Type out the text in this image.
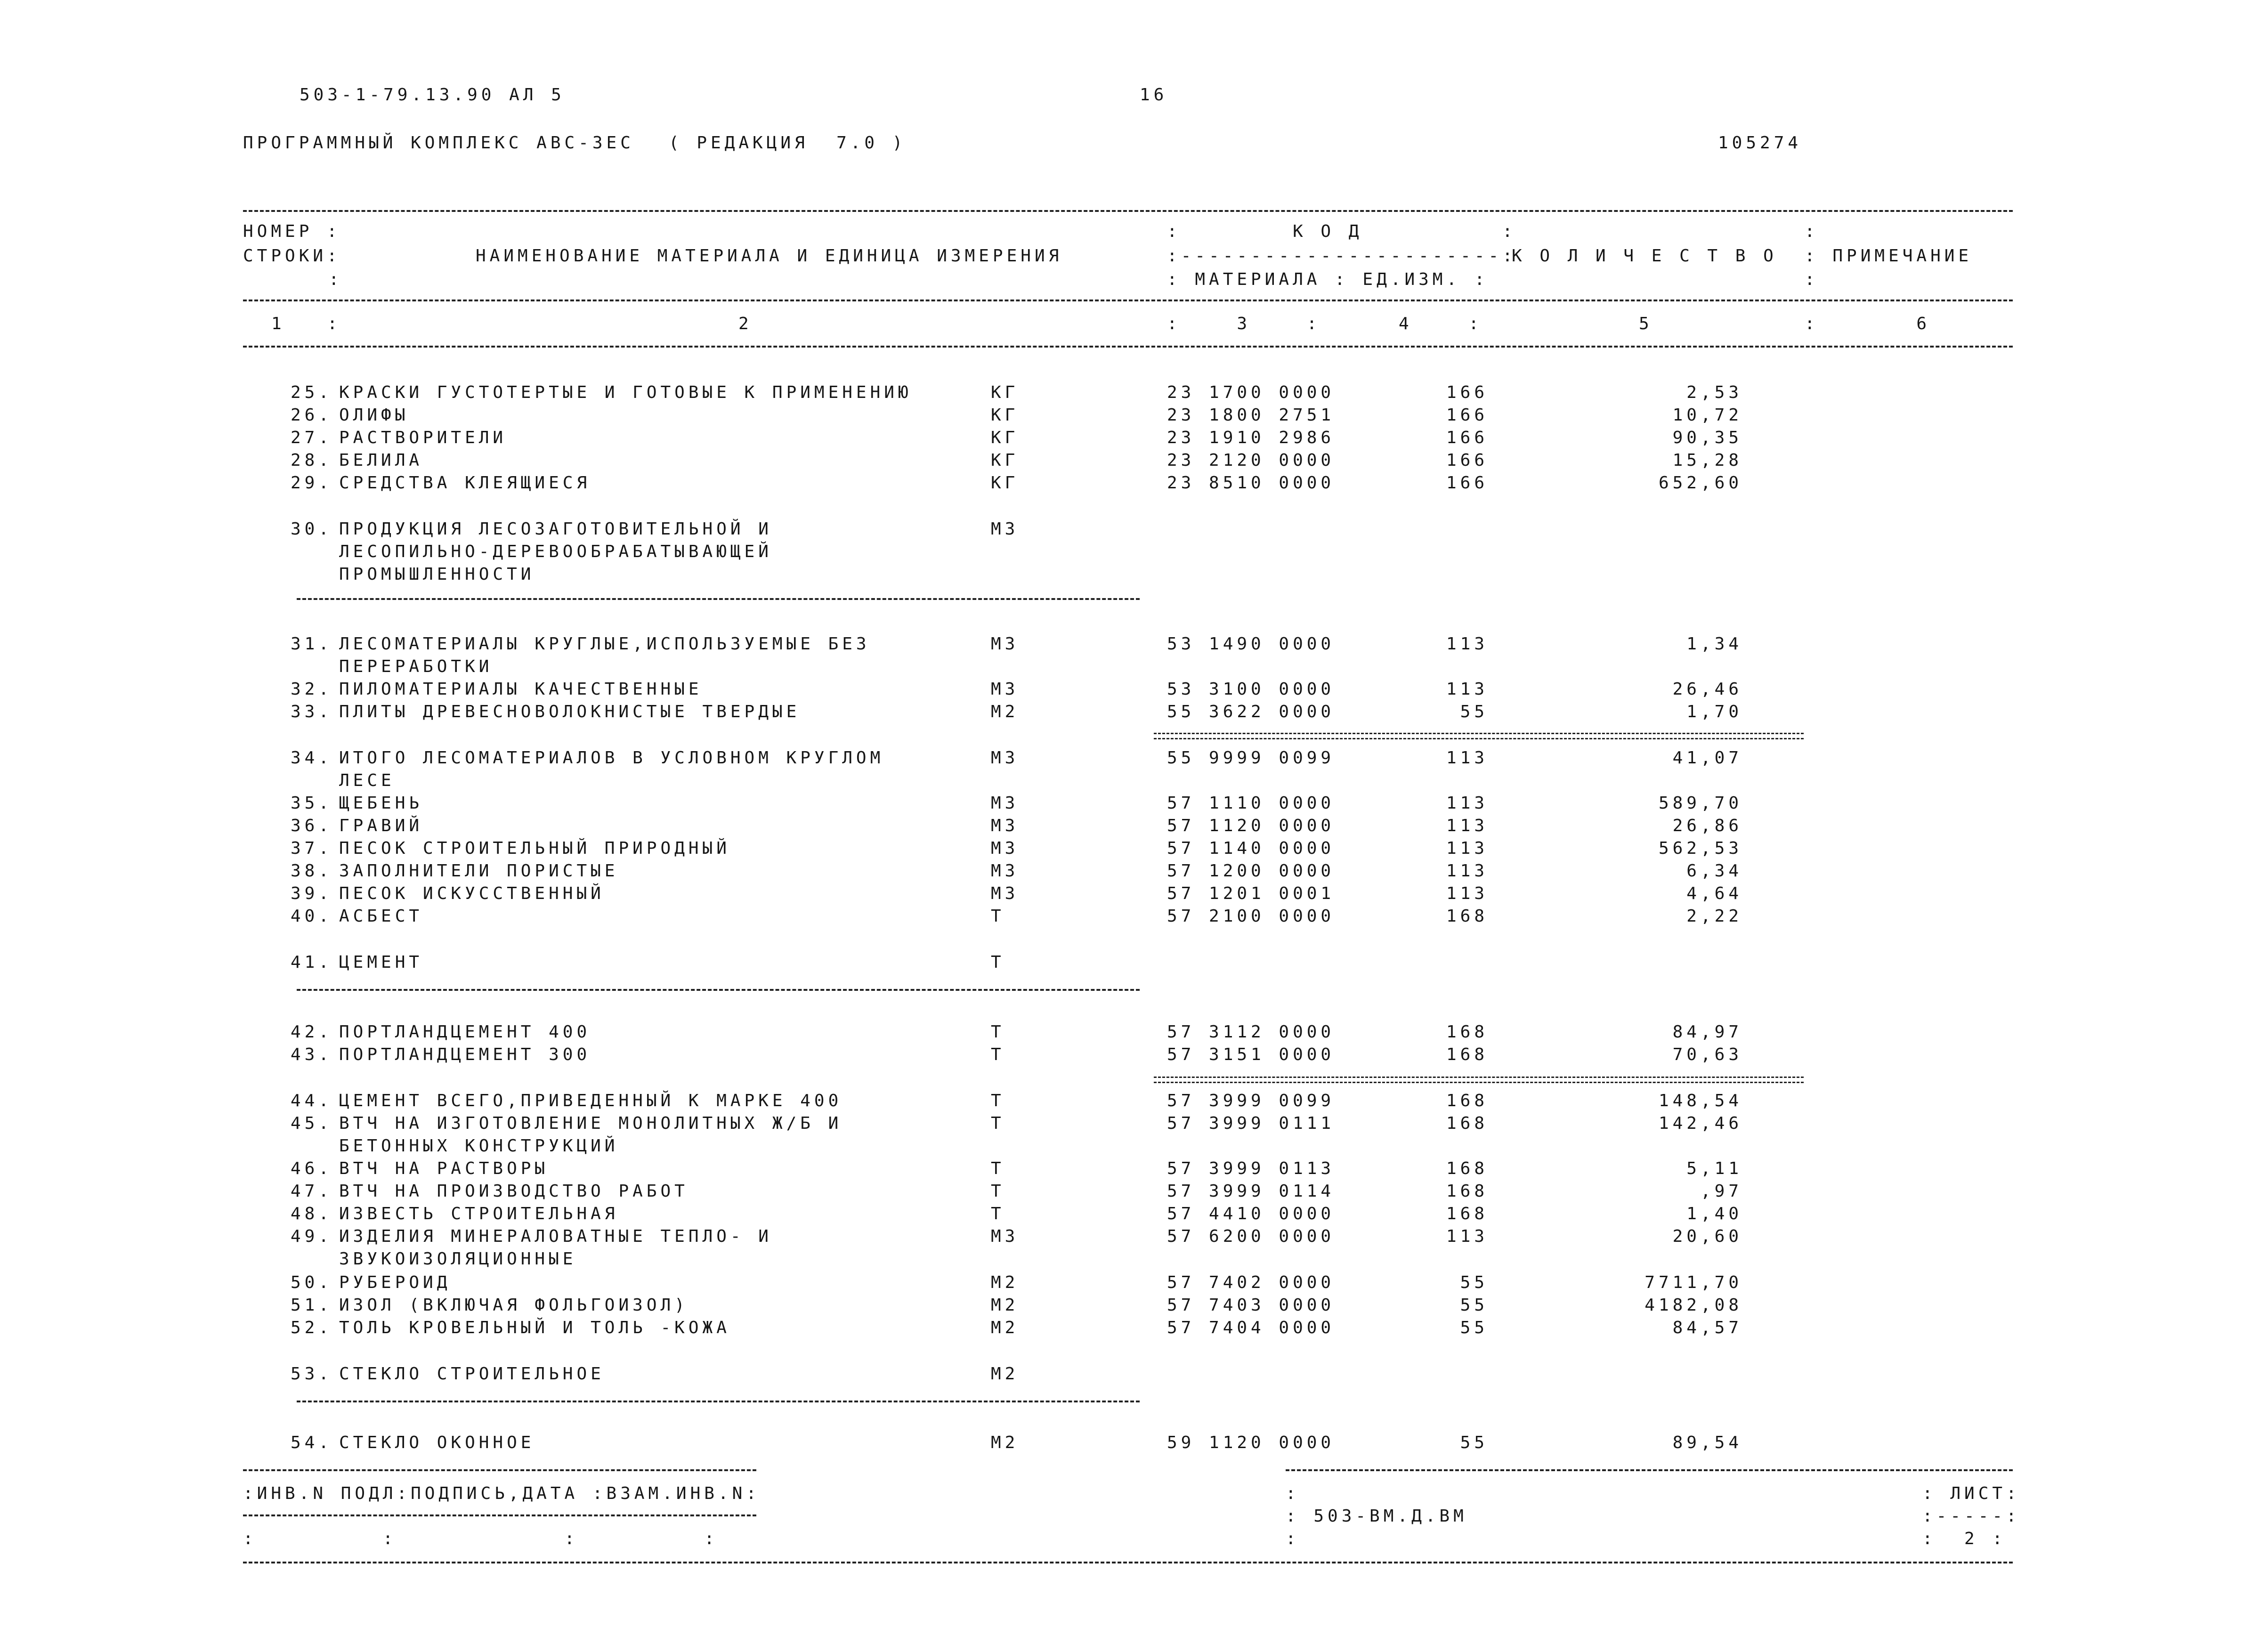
503-1-79.13.90 АЛ 5	16
ПРОГРАММНЫЙ КОМПЛЕКС АВС-3ЕС ( РЕДАКЦИЯ  7.0 )	105274
НОМЕР :
СТРОКИ:
:
НАИМЕНОВАНИЕ МАТЕРИАЛА И ЕДИНИЦА ИЗМЕРЕНИЯ
:        К О Д          :
:-----------------------:
: МАТЕРИАЛА : ЕД.ИЗМ. :
К О Л И Ч Е С Т В О
:
: ПРИМЕЧАНИЕ
:
1   :	2	:    3    :	4    :	5	:       6
25. КРАСКИ ГУСТОТЕРТЫЕ И ГОТОВЫЕ К ПРИМЕНЕНИЮ	КГ	23 1700 0000	166	2,53
26. ОЛИФЫ	КГ	23 1800 2751	166	10,72
27. РАСТВОРИТЕЛИ	КГ	23 1910 2986	166	90,35
28. БЕЛИЛА	КГ	23 2120 0000	166	15,28
29. СРЕДСТВА КЛЕЯЩИЕСЯ	КГ	23 8510 0000	166	652,60
30. ПРОДУКЦИЯ ЛЕСОЗАГОТОВИТЕЛЬНОЙ И	М3
ЛЕСОПИЛЬНО-ДЕРЕВООБРАБАТЫВАЮЩЕЙ
ПРОМЫШЛЕННОСТИ
31. ЛЕСОМАТЕРИАЛЫ КРУГЛЫЕ,ИСПОЛЬЗУЕМЫЕ БЕЗ	М3	53 1490 0000	113	1,34
ПЕРЕРАБОТКИ
32. ПИЛОМАТЕРИАЛЫ КАЧЕСТВЕННЫЕ	М3	53 3100 0000	113	26,46
33. ПЛИТЫ ДРЕВЕСНОВОЛОКНИСТЫЕ ТВЕРДЫЕ	М2	55 3622 0000	55	1,70
34. ИТОГО ЛЕСОМАТЕРИАЛОВ В УСЛОВНОМ КРУГЛОМ	М3	55 9999 0099	113	41,07
ЛЕСЕ
35. ЩЕБЕНЬ	М3	57 1110 0000	113	589,70
36. ГРАВИЙ	М3	57 1120 0000	113	26,86
37. ПЕСОК СТРОИТЕЛЬНЫЙ ПРИРОДНЫЙ	М3	57 1140 0000	113	562,53
38. ЗАПОЛНИТЕЛИ ПОРИСТЫЕ	М3	57 1200 0000	113	6,34
39. ПЕСОК ИСКУССТВЕННЫЙ	М3	57 1201 0001	113	4,64
40. АСБЕСТ	Т	57 2100 0000	168	2,22
41. ЦЕМЕНТ	Т
42. ПОРТЛАНДЦЕМЕНТ 400	Т	57 3112 0000	168	84,97
43. ПОРТЛАНДЦЕМЕНТ 300	Т	57 3151 0000	168	70,63
44. ЦЕМЕНТ ВСЕГО,ПРИВЕДЕННЫЙ К МАРКЕ 400	Т	57 3999 0099	168	148,54
45. ВТЧ НА ИЗГОТОВЛЕНИЕ МОНОЛИТНЫХ Ж/Б И	Т	57 3999 0111	168	142,46
БЕТОННЫХ КОНСТРУКЦИЙ
46. ВТЧ НА РАСТВОРЫ	Т	57 3999 0113	168	5,11
47. ВТЧ НА ПРОИЗВОДСТВО РАБОТ	Т	57 3999 0114	168	,97
48. ИЗВЕСТЬ СТРОИТЕЛЬНАЯ	Т	57 4410 0000	168	1,40
49. ИЗДЕЛИЯ МИНЕРАЛОВАТНЫЕ ТЕПЛО- И	М3	57 6200 0000	113	20,60
ЗВУКОИЗОЛЯЦИОННЫЕ
50. РУБЕРОИД	М2	57 7402 0000	55	7711,70
51. ИЗОЛ (ВКЛЮЧАЯ ФОЛЬГОИЗОЛ)	М2	57 7403 0000	55	4182,08
52. ТОЛЬ КРОВЕЛЬНЫЙ И ТОЛЬ -КОЖА	М2	57 7404 0000	55	84,57
53. СТЕКЛО СТРОИТЕЛЬНОЕ	М2
54. СТЕКЛО ОКОННОЕ	М2	59 1120 0000	55	89,54
:ИНВ.N ПОДЛ:ПОДПИСЬ,ДАТА :ВЗАМ.ИНВ.N:
:         :            :         :
:
: 503-ВМ.Д.ВМ
:
: ЛИСТ:
:-----:
:  2 :
